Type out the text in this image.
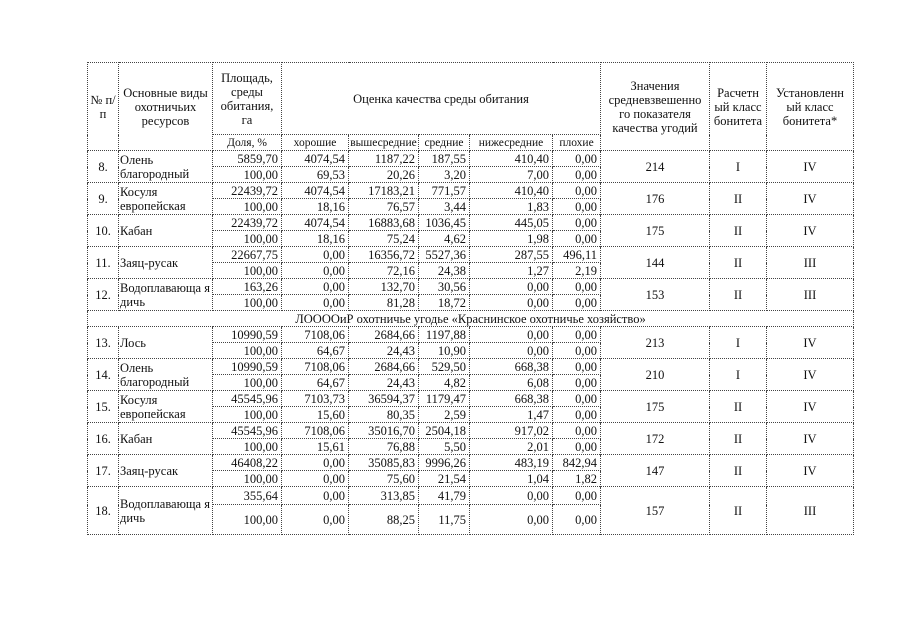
№ п/п	Основные виды охотничьих ресурсов	Площадь, среды обитания, га	Оценка качества среды обитания					Значения средневзвешенно го показателя качества угодий	Расчетн ый класс бонитета	Установленн ый класс бонитета*
		Доля, %	хорошие	вышесредние	средние	нижесредние	плохие			
8.	Олень благородный	5859,70	4074,54	1187,22	187,55	410,40	0,00	214	I	IV
		100,00	69,53	20,26	3,20	7,00	0,00			
9.	Косуля европейская	22439,72	4074,54	17183,21	771,57	410,40	0,00	176	II	IV
		100,00	18,16	76,57	3,44	1,83	0,00			
10.	Кабан	22439,72	4074,54	16883,68	1036,45	445,05	0,00	175	II	IV
		100,00	18,16	75,24	4,62	1,98	0,00			
11.	Заяц-русак	22667,75	0,00	16356,72	5527,36	287,55	496,11	144	II	III
		100,00	0,00	72,16	24,38	1,27	2,19			
12.	Водоплавающа я дичь	163,26	0,00	132,70	30,56	0,00	0,00	153	II	III
		100,00	0,00	81,28	18,72	0,00	0,00			
ЛООООиР охотничье угодье «Краснинское охотничье хозяйство»										
13.	Лось	10990,59	7108,06	2684,66	1197,88	0,00	0,00	213	I	IV
		100,00	64,67	24,43	10,90	0,00	0,00			
14.	Олень благородный	10990,59	7108,06	2684,66	529,50	668,38	0,00	210	I	IV
		100,00	64,67	24,43	4,82	6,08	0,00			
15.	Косуля европейская	45545,96	7103,73	36594,37	1179,47	668,38	0,00	175	II	IV
		100,00	15,60	80,35	2,59	1,47	0,00			
16.	Кабан	45545,96	7108,06	35016,70	2504,18	917,02	0,00	172	II	IV
		100,00	15,61	76,88	5,50	2,01	0,00			
17.	Заяц-русак	46408,22	0,00	35085,83	9996,26	483,19	842,94	147	II	IV
		100,00	0,00	75,60	21,54	1,04	1,82			
18.	Водоплавающа я дичь	355,64	0,00	313,85	41,79	0,00	0,00	157	II	III
		100,00	0,00	88,25	11,75	0,00	0,00			
